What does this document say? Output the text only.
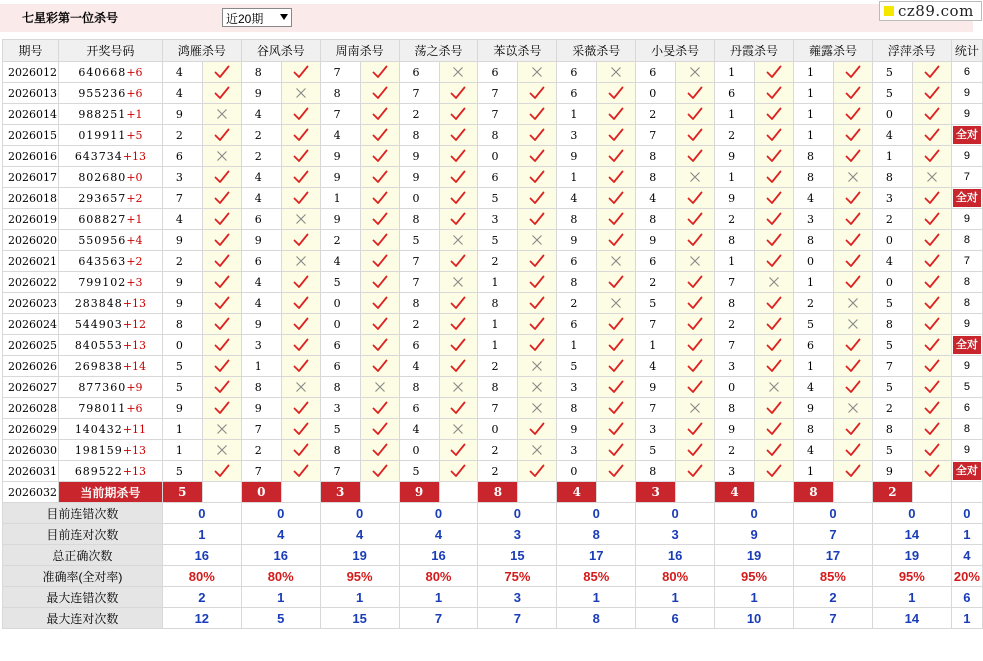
七星彩第一位杀号	近20期	cz89.com
期号	开奖号码	鸿雁杀号		谷风杀号		周南杀号		荡之杀号		苯苡杀号		采薇杀号		小旻杀号		丹霞杀号		蕹露杀号		浮萍杀号		统计
2026012	640668+6	4		8		7		6		6		6		6		1		1		5		6
2026013	955236+6	4		9		8		7		7		6		0		6		1		5		9
2026014	988251+1	9		4		7		2		7		1		2		1		1		0		9
2026015	019911+5	2		2		4		8		8		3		7		2		1		4		全对
2026016	643734+13	6		2		9		9		0		9		8		9		8		1		9
2026017	802680+0	3		4		9		9		6		1		8		1		8		8		7
2026018	293657+2	7		4		1		0		5		4		4		9		4		3		全对
2026019	608827+1	4		6		9		8		3		8		8		2		3		2		9
2026020	550956+4	9		9		2		5		5		9		9		8		8		0		8
2026021	643563+2	2		6		4		7		2		6		6		1		0		4		7
2026022	799102+3	9		4		5		7		1		8		2		7		1		0		8
2026023	283848+13	9		4		0		8		8		2		5		8		2		5		8
2026024	544903+12	8		9		0		2		1		6		7		2		5		8		9
2026025	840553+13	0		3		6		6		1		1		1		7		6		5		全对
2026026	269838+14	5		1		6		4		2		5		4		3		1		7		9
2026027	877360+9	5		8		8		8		8		3		9		0		4		5		5
2026028	798011+6	9		9		3		6		7		8		7		8		9		2		6
2026029	140432+11	1		7		5		4		0		9		3		9		8		8		8
2026030	198159+13	1		2		8		0		2		3		5		2		4		5		9
2026031	689522+13	5		7		7		5		2		0		8		3		1		9		全对
2026032	当前期杀号	5		0		3		9		8		4		3		4		8		2		
目前连错次数		0		0		0		0		0		0		0		0		0		0		0
目前连对次数		1		4		4		4		3		8		3		9		7		14		1
总正确次数		16		16		19		16		15		17		16		19		17		19		4
准确率(全对率)		80%		80%		95%		80%		75%		85%		80%		95%		85%		95%		20%
最大连错次数		2		1		1		1		3		1		1		1		2		1		6
最大连对次数		12		5		15		7		7		8		6		10		7		14		1
